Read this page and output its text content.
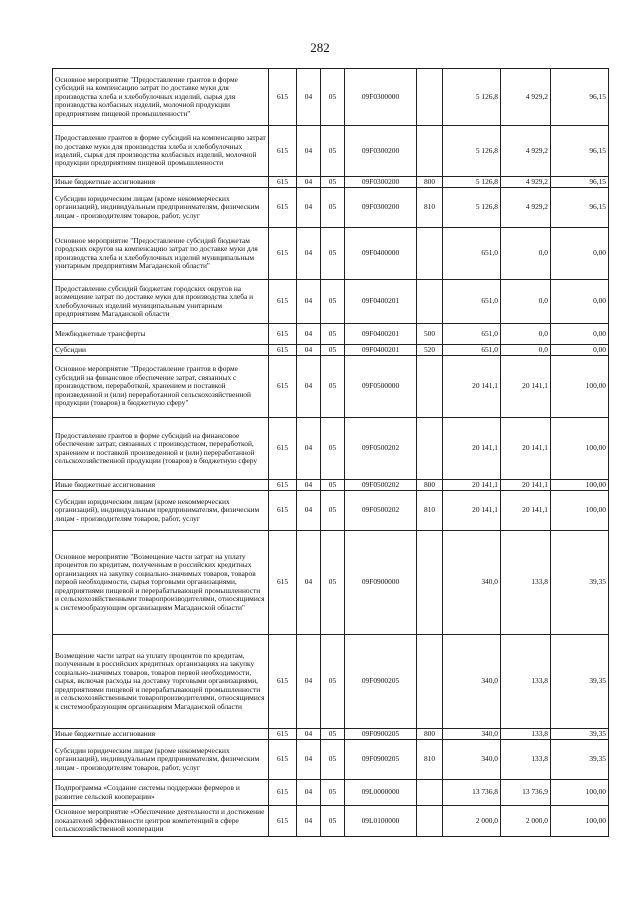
282
Основное мероприятие "Предоставление грантов в форме субсидий на компенсацию затрат по доставке муки для производства хлеба и хлебобулочных изделий, сырья для производства колбасных изделий, молочной продукции предприятиям пищевой промышленности"	615	04	05	09F0300000		5 126,8	4 929,2	96,15
Предоставление грантов в форме субсидий на компенсацию затрат по доставке муки для производства хлеба и хлебобулочных изделий, сырья для производства колбасных изделий, молочной продукции предприятиям пищевой промышленности	615	04	05	09F0300200		5 126,8	4 929,2	96,15
Иные бюджетные ассигнования	615	04	05	09F0300200	800	5 126,8	4 929,2	96,15
Субсидии юридическим лицам (кроме некоммерческих организаций), индивидуальным предпринимателям, физическим лицам - производителям товаров, работ, услуг	615	04	05	09F0300200	810	5 126,8	4 929,2	96,15
Основное мероприятие "Предоставление субсидий бюджетам городских округов на компенсацию затрат по доставке муки для производства хлеба и хлебобулочных изделий муниципальным унитарным предприятиям Магаданской области"	615	04	05	09F0400000		651,0	0,0	0,00
Предоставление субсидий бюджетам городских округов на возмещение затрат по доставке муки для производства хлеба и хлебобулочных изделий муниципальным унитарным предприятиям Магаданской области	615	04	05	09F0400201		651,0	0,0	0,00
Межбюджетные трансферты	615	04	05	09F0400201	500	651,0	0,0	0,00
Субсидии	615	04	05	09F0400201	520	651,0	0,0	0,00
Основное мероприятие "Предоставление грантов в форме субсидий на финансовое обеспечение затрат, связанных с производством, переработкой, хранением и поставкой произведенной и (или) переработанной сельскохозяйственной продукции (товаров) в бюджетную сферу"	615	04	05	09F0500000		20 141,1	20 141,1	100,00
Предоставление грантов в форме субсидий на финансовое обеспечение затрат, связанных с производством, переработкой, хранением и поставкой произведенной и (или) переработанной сельскохозяйственной продукции (товаров) в бюджетную сферу	615	04	05	09F0500202		20 141,1	20 141,1	100,00
Иные бюджетные ассигнования	615	04	05	09F0500202	800	20 141,1	20 141,1	100,00
Субсидии юридическим лицам (кроме некоммерческих организаций), индивидуальным предпринимателям, физическим лицам - производителям товаров, работ, услуг	615	04	05	09F0500202	810	20 141,1	20 141,1	100,00
Основное мероприятие "Возмещение части затрат на уплату процентов по кредитам, полученным в российских кредитных организациях на закупку социально-значимых товаров, товаров первой необходимости, сырья торговыми организациями, предприятиями пищевой и перерабатывающей промышленности и сельскохозяйственными товаропроизводителями, относящимися к системообразующим организациям Магаданской области"	615	04	05	09F0900000		340,0	133,8	39,35
Возмещение части затрат на уплату процентов по кредитам, полученным в российских кредитных организациях на закупку социально-значимых товаров, товаров первой необходимости, сырья, включая расходы на доставку торговыми организациями, предприятиями пищевой и перерабатывающей промышленности и сельскохозяйственными товаропроизводителями, относящимися к системообразующим организациям Магаданской области	615	04	05	09F0900205		340,0	133,8	39,35
Иные бюджетные ассигнования	615	04	05	09F0900205	800	340,0	133,8	39,35
Субсидии юридическим лицам (кроме некоммерческих организаций), индивидуальным предпринимателям, физическим лицам - производителям товаров, работ, услуг	615	04	05	09F0900205	810	340,0	133,8	39,35
Подпрограмма «Создание системы поддержки фермеров и развитие сельской кооперации»	615	04	05	09L0000000		13 736,8	13 736,9	100,00
Основное мероприятие «Обеспечение деятельности и достижение показателей эффективности центров компетенций в сфере сельскохозяйственной кооперации	615	04	05	09L0100000		2 000,0	2 000,0	100,00
